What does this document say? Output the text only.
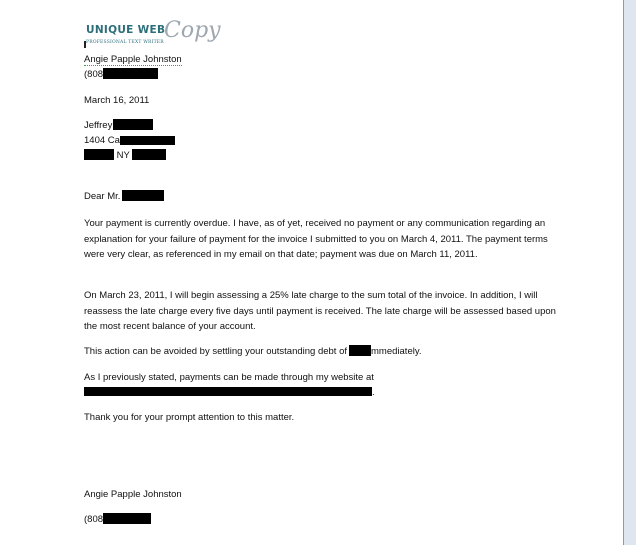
UNIQUE WEB
Copy
PROFESSIONAL TEXT WRITER
Angie Papple Johnston
(808
March 16, 2011
Jeffrey
1404 Ca
NY
Dear Mr.
Your payment is currently overdue. I have, as of yet, received no payment or any communication regarding an explanation for your failure of payment for the invoice I submitted to you on March 4, 2011. The payment terms were very clear, as referenced in my email on that date; payment was due on March 11, 2011.
On March 23, 2011, I will begin assessing a 25% late charge to the sum total of the invoice. In addition, I will reassess the late charge every five days until payment is received. The late charge will be assessed based upon the most recent balance of your account.
This action can be avoided by settling your outstanding debt of	mmediately.
As I previously stated, payments can be made through my website at
.
Thank you for your prompt attention to this matter.
Angie Papple Johnston
(808
